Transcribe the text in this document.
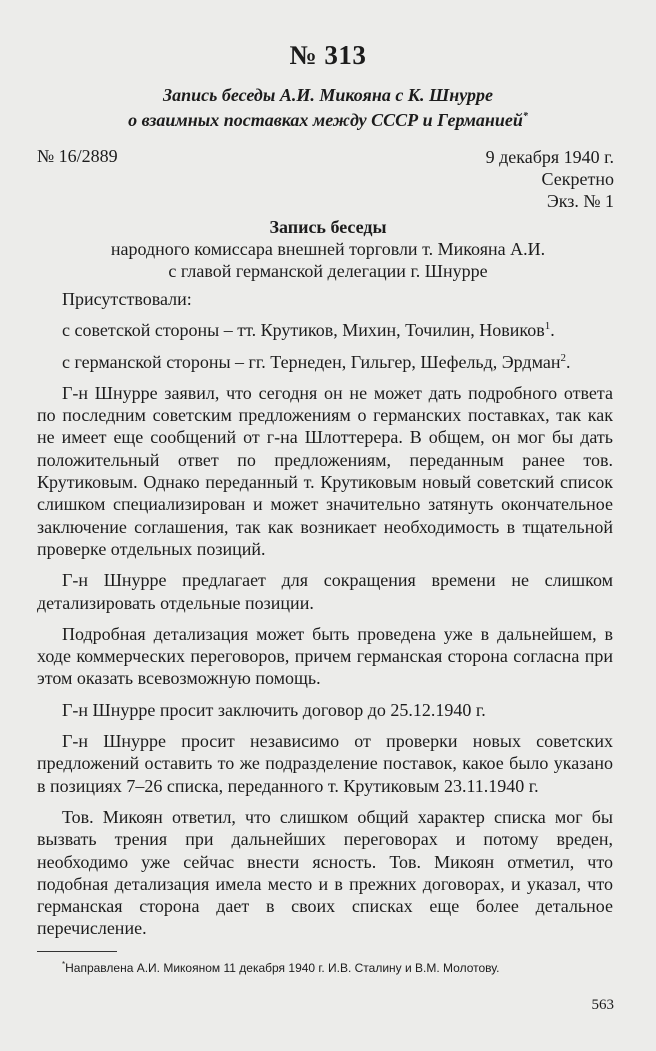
№ 313
Запись беседы А.И. Микояна с К. Шнурре
о взаимных поставках между СССР и Германией*
№ 16/2889	9 декабря 1940 г.
Секретно
Экз. № 1
Запись беседы
народного комиссара внешней торговли т. Микояна А.И.
с главой германской делегации г. Шнурре

Присутствовали:

с советской стороны – тт. Крутиков, Михин, Точилин, Новиков$^1$.

с германской стороны – гг. Тернеден, Гильгер, Шефельд, Эрдман$^2$.

Г-н Шнурре заявил, что сегодня он не может дать подробного ответа по последним советским предложениям о германских поставках, так как не имеет еще сообщений от г-на Шлоттерера. В общем, он мог бы дать положительный ответ по предложениям, переданным ранее тов. Крутиковым. Однако переданный т. Крутиковым новый советский список слишком специализирован и может значительно затянуть окончательное заключение соглашения, так как возникает необходимость в тщательной проверке отдельных позиций.

Г-н Шнурре предлагает для сокращения времени не слишком детализировать отдельные позиции.

Подробная детализация может быть проведена уже в дальнейшем, в ходе коммерческих переговоров, причем германская сторона согласна при этом оказать всевозможную помощь.

Г-н Шнурре просит заключить договор до 25.12.1940 г.

Г-н Шнурре просит независимо от проверки новых советских предложений оставить то же подразделение поставок, какое было указано в позициях 7–26 списка, переданного т. Крутиковым 23.11.1940 г.

Тов. Микоян ответил, что слишком общий характер списка мог бы вызвать трения при дальнейших переговорах и потому вреден, необходимо уже сейчас внести ясность. Тов. Микоян отметил, что подобная детализация имела место и в прежних договорах, и указал, что германская сторона дает в своих списках еще более детальное перечисление.

*Направлена А.И. Микояном 11 декабря 1940 г. И.В. Сталину и В.М. Молотову.
563
